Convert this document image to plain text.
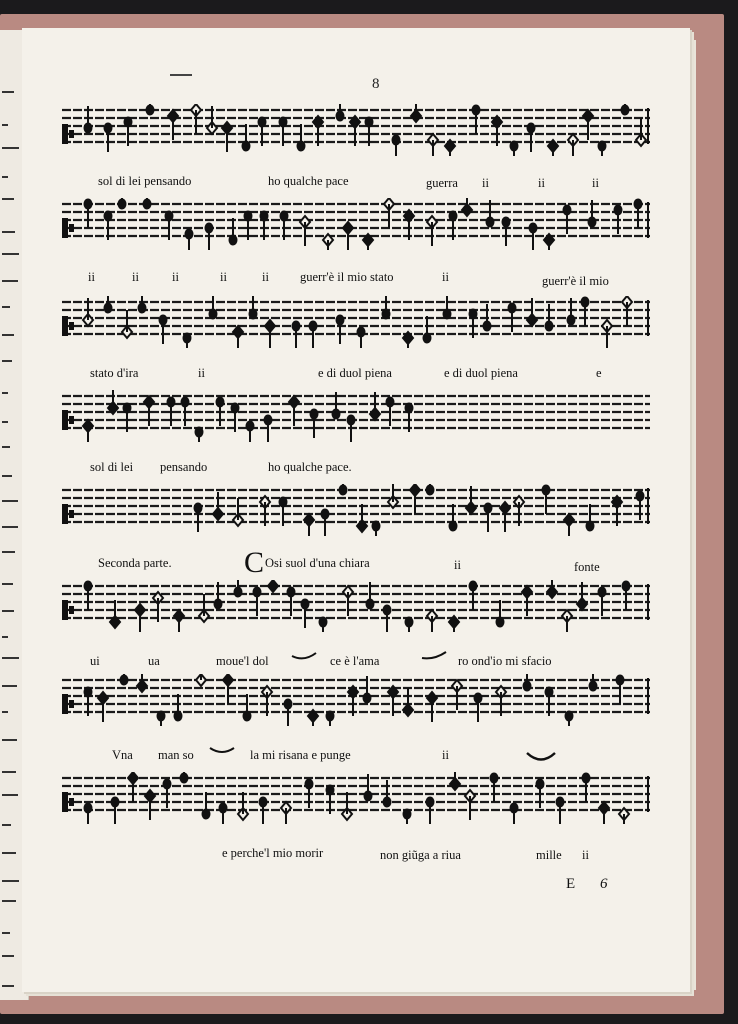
8
sol di lei pensando	ho qualche pace	guerra ii	ii	ii
ii	ii	ii	ii	ii guerr'è il mio stato	ii	guerr'è il mio
stato d'ira	ii	e di duol piena	e di duol piena	e
sol di lei pensando	ho qualche pace.
Seconda parte. COsi suol d'una chiara	ii	fonte
ui	ua	moue'l dol	ce è l'ama	ro ond'io mi sfacio
Vna man so	la mi risana e punge	ii
e perche'l mio morir	non giũga a riua	mille ii
E 6
